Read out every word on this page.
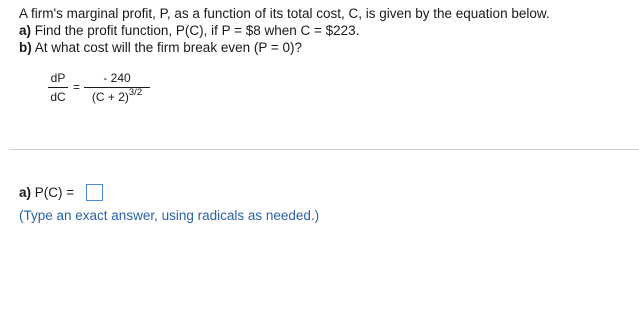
A firm's marginal profit, P, as a function of its total cost, C, is given by the equation below.
a) Find the profit function, P(C), if P = $8 when C = $223.
b) At what cost will the firm break even (P = 0)?
dP
dC
=
- 240
$(C + 2)^{3/2}$
a) P(C) =
(Type an exact answer, using radicals as needed.)
